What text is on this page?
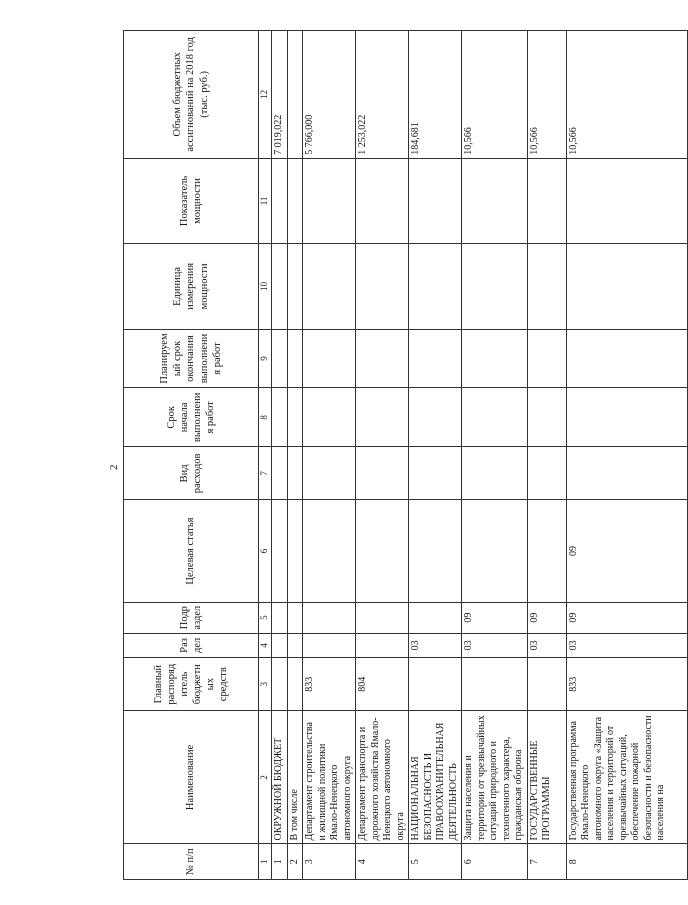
2
№ п/п	Наименование	Главный распорядитель бюджетных средств	Раздел	Подраздел	Целевая статья	Вид расходов	Срок начала выполнения работ	Планируемый срок окончания выполнения работ	Единица измерения мощности	Показатель мощности	Объем бюджетных ассигнований на 2018 год (тыс. руб.)
1	2	3	4	5	6	7	8	9	10	11	12
1	ОКРУЖНОЙ БЮДЖЕТ										7 019,022
2	В том числе										
3	Департамент строительства и жилищной политики Ямало-Ненецкого автономного округа	833									5 766,000
4	Департамент транспорта и дорожного хозяйства Ямало-Ненецкого автономного округа	804									1 253,022
5	НАЦИОНАЛЬНАЯ БЕЗОПАСНОСТЬ И ПРАВООХРАНИТЕЛЬНАЯ ДЕЯТЕЛЬНОСТЬ		03								184,681
6	Защита населения и территории от чрезвычайных ситуаций природного и техногенного характера, гражданская оборона		03	09							10,566
7	ГОСУДАРСТВЕННЫЕ ПРОГРАММЫ		03	09							10,566
8	Государственная программа Ямало-Ненецкого автономного округа «Защита населения и территорий от чрезвычайных ситуаций, обеспечение пожарной безопасности и безопасности населения на	833	03	09	09						10,566
